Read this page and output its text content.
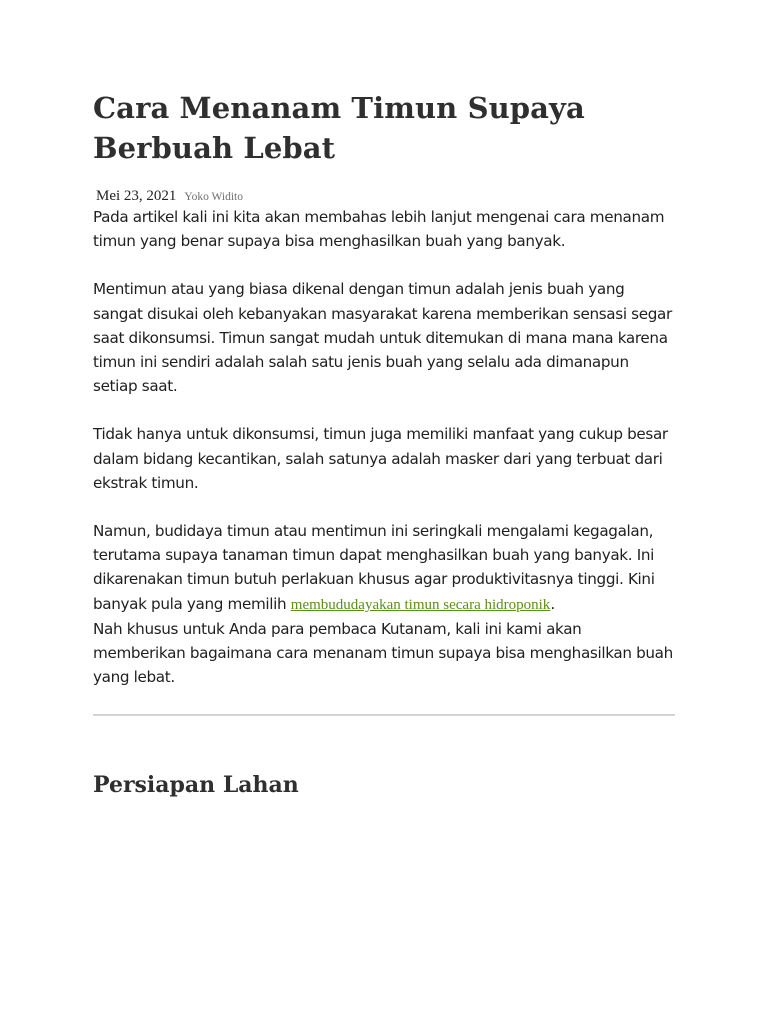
Cara Menanam Timun Supaya Berbuah Lebat
Mei 23, 2021 Yoko Widito

Pada artikel kali ini kita akan membahas lebih lanjut mengenai cara menanam timun yang benar supaya bisa menghasilkan buah yang banyak.

Mentimun atau yang biasa dikenal dengan timun adalah jenis buah yang sangat disukai oleh kebanyakan masyarakat karena memberikan sensasi segar saat dikonsumsi. Timun sangat mudah untuk ditemukan di mana mana karena timun ini sendiri adalah salah satu jenis buah yang selalu ada dimanapun setiap saat.

Tidak hanya untuk dikonsumsi, timun juga memiliki manfaat yang cukup besar dalam bidang kecantikan, salah satunya adalah masker dari yang terbuat dari ekstrak timun.

Namun, budidaya timun atau mentimun ini seringkali mengalami kegagalan, terutama supaya tanaman timun dapat menghasilkan buah yang banyak. Ini dikarenakan timun butuh perlakuan khusus agar produktivitasnya tinggi. Kini banyak pula yang memilih membududayakan timun secara hidroponik.

Nah khusus untuk Anda para pembaca Kutanam, kali ini kami akan memberikan bagaimana cara menanam timun supaya bisa menghasilkan buah yang lebat.

Persiapan Lahan
